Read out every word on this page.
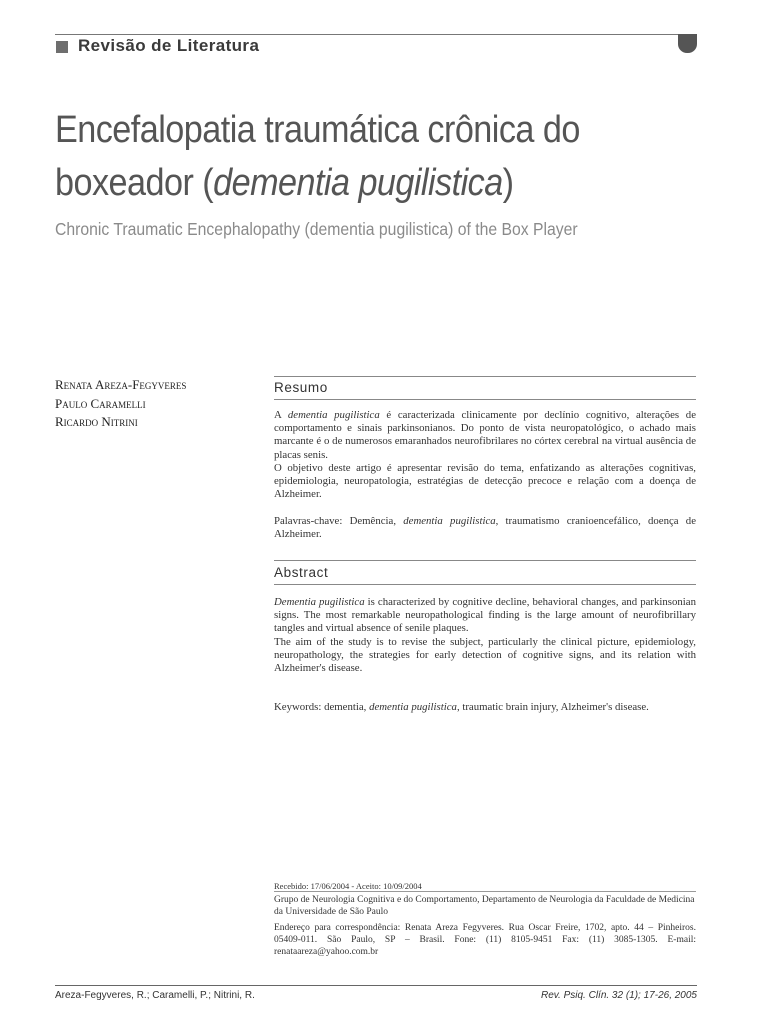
Revisão de Literatura
Encefalopatia traumática crônica do
boxeador (dementia pugilistica)
Chronic Traumatic Encephalopathy (dementia pugilistica) of the Box Player
Renata Areza-Fegyveres
Paulo Caramelli
Ricardo Nitrini
Resumo

A dementia pugilistica é caracterizada clinicamente por declínio cognitivo, alterações de comportamento e sinais parkinsonianos. Do ponto de vista neuropatológico, o achado mais marcante é o de numerosos emaranhados neurofibrilares no córtex cerebral na virtual ausência de placas senis.

O objetivo deste artigo é apresentar revisão do tema, enfatizando as alterações cognitivas, epidemiologia, neuropatologia, estratégias de detecção precoce e relação com a doença de Alzheimer.

Palavras-chave: Demência, dementia pugilistica, traumatismo cranioencefálico, doença de Alzheimer.
Abstract

Dementia pugilistica is characterized by cognitive decline, behavioral changes, and parkinsonian signs. The most remarkable neuropathological finding is the large amount of neurofibrillary tangles and virtual absence of senile plaques.

The aim of the study is to revise the subject, particularly the clinical picture, epidemiology, neuropathology, the strategies for early detection of cognitive signs, and its relation with Alzheimer's disease.

Keywords: dementia, dementia pugilistica, traumatic brain injury, Alzheimer's disease.
Recebido: 17/06/2004 - Aceito: 10/09/2004
Grupo de Neurologia Cognitiva e do Comportamento, Departamento de Neurologia da Faculdade de Medicina da Universidade de São Paulo
Endereço para correspondência: Renata Areza Fegyveres. Rua Oscar Freire, 1702, apto. 44 – Pinheiros. 05409-011. São Paulo, SP – Brasil. Fone: (11) 8105-9451 Fax: (11) 3085-1305. E-mail: renataareza@yahoo.com.br
Areza-Fegyveres, R.; Caramelli, P.; Nitrini, R.	Rev. Psiq. Clín. 32 (1); 17-26, 2005
